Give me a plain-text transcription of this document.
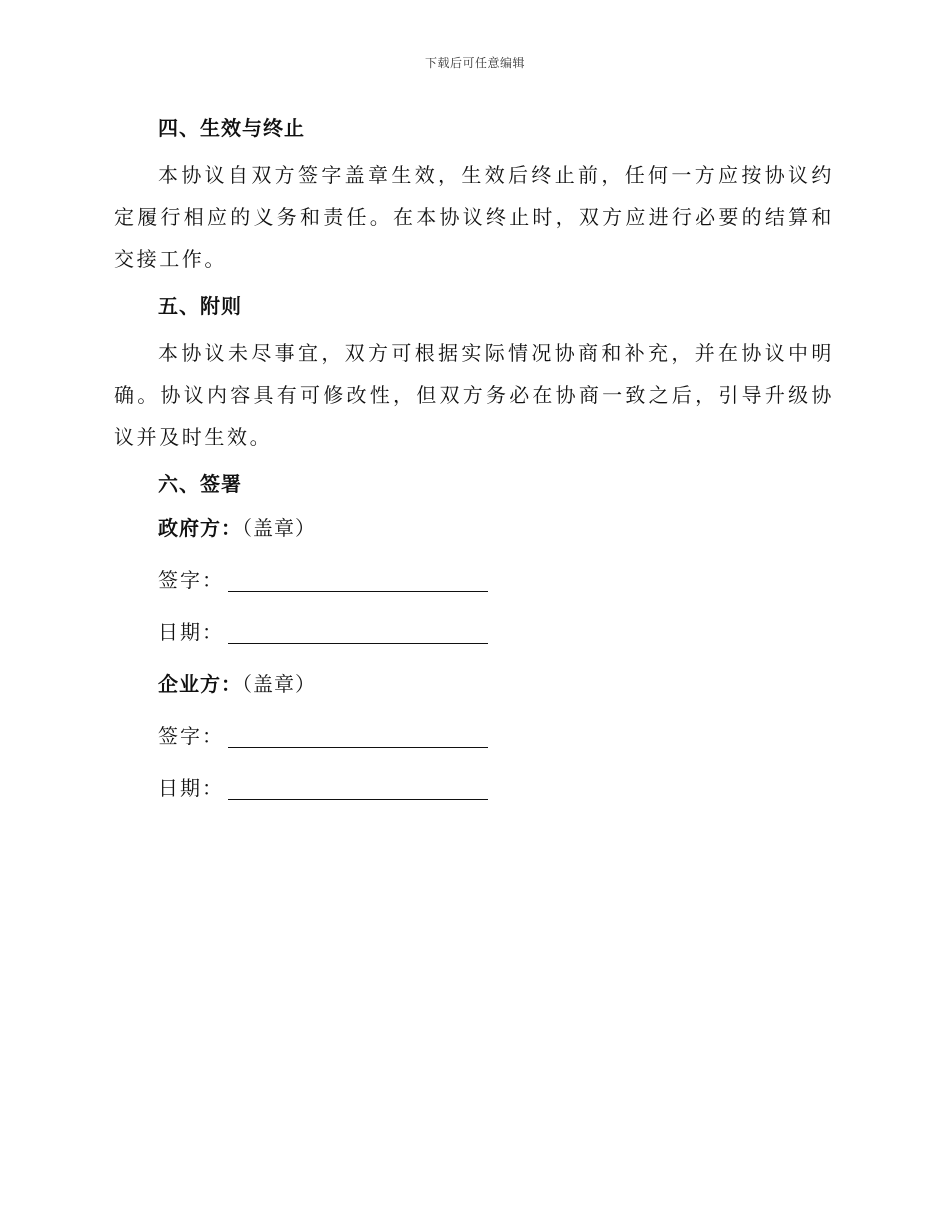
下载后可任意编辑
四、生效与终止

本协议自双方签字盖章生效，生效后终止前，任何一方应按协议约定履行相应的义务和责任。在本协议终止时，双方应进行必要的结算和交接工作。

五、附则

本协议未尽事宜，双方可根据实际情况协商和补充，并在协议中明确。协议内容具有可修改性，但双方务必在协商一致之后，引导升级协议并及时生效。

六、签署
政府方：（盖章）
签字：
日期：
企业方：（盖章）
签字：
日期：
